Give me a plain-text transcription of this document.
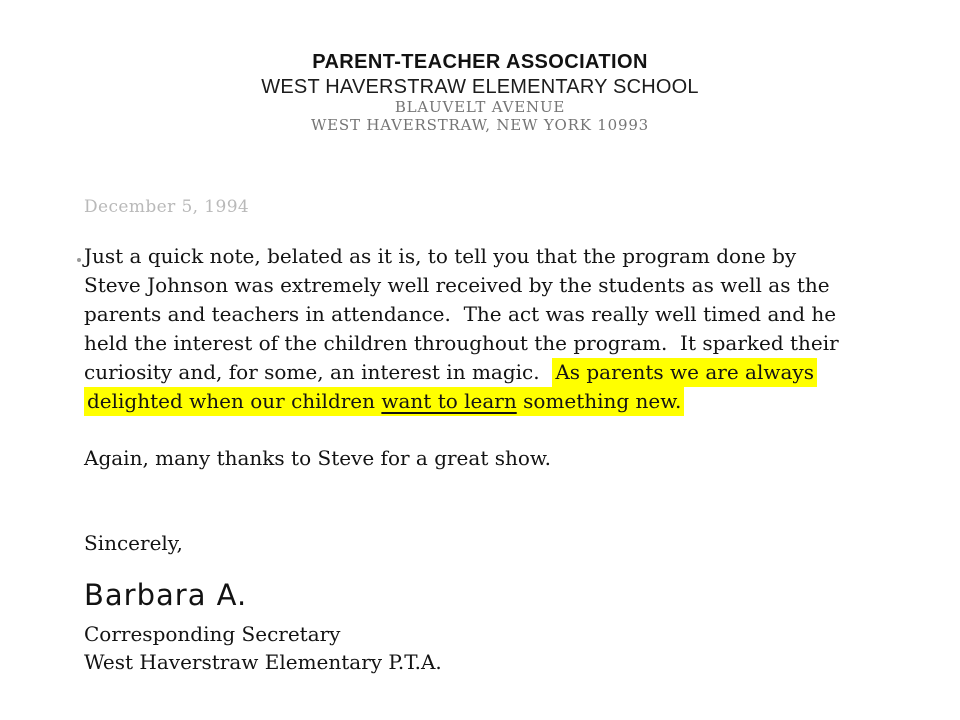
PARENT-TEACHER ASSOCIATION
WEST HAVERSTRAW ELEMENTARY SCHOOL
BLAUVELT AVENUE
WEST HAVERSTRAW, NEW YORK 10993
December 5, 1994
Just a quick note, belated as it is, to tell you that the program done by
Steve Johnson was extremely well received by the students as well as the
parents and teachers in attendance.  The act was really well timed and he
held the interest of the children throughout the program.  It sparked their
curiosity and, for some, an interest in magic.  As parents we are always
delighted when our children want to learn something new.
Again, many thanks to Steve for a great show.
Sincerely,
Barbara A.
Corresponding Secretary
West Haverstraw Elementary P.T.A.
